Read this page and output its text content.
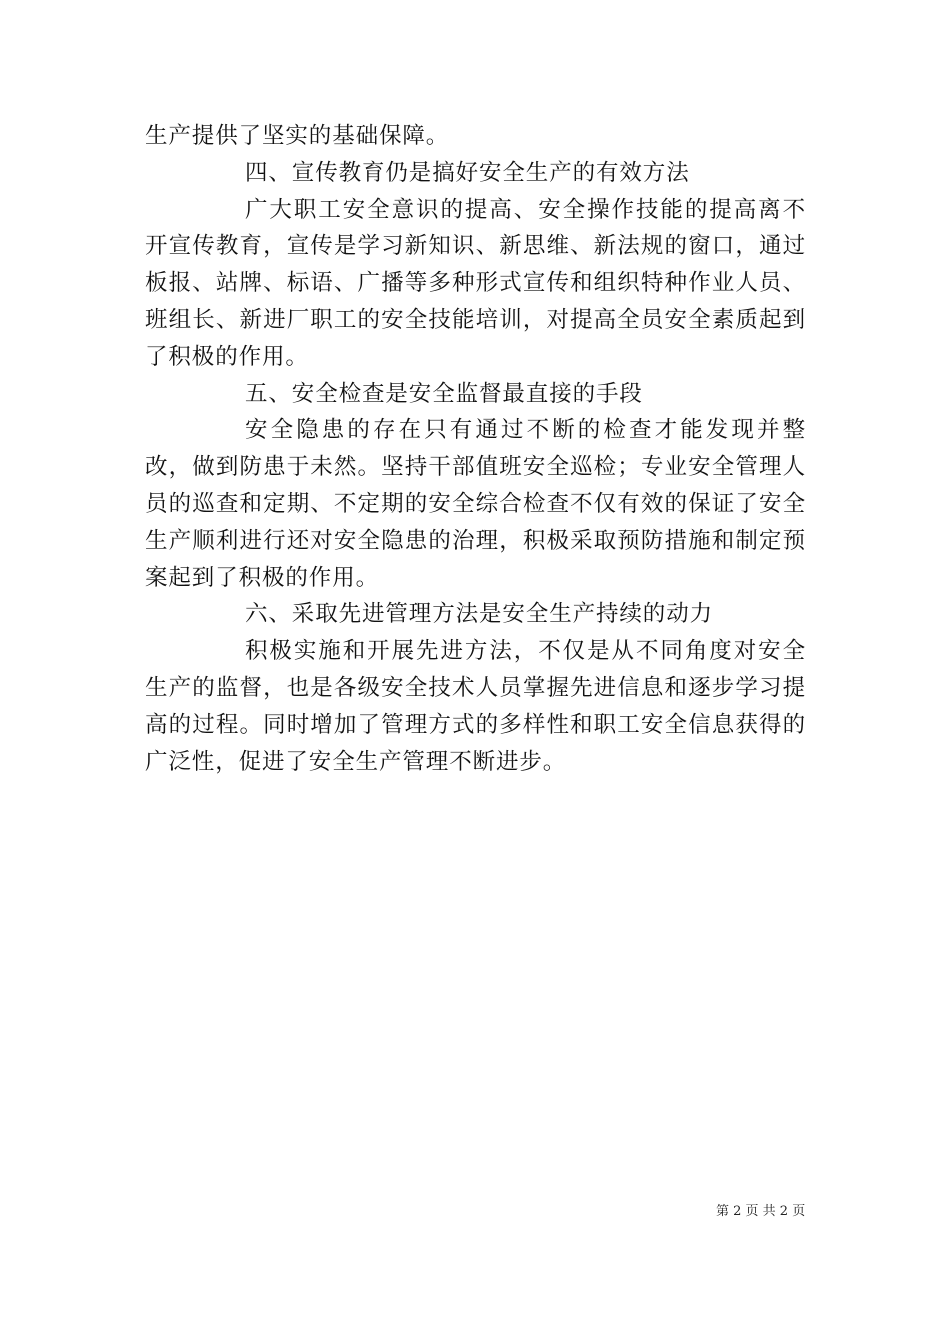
生产提供了坚实的基础保障。

四、宣传教育仍是搞好安全生产的有效方法

广大职工安全意识的提高、安全操作技能的提高离不开宣传教育，宣传是学习新知识、新思维、新法规的窗口，通过板报、站牌、标语、广播等多种形式宣传和组织特种作业人员、班组长、新进厂职工的安全技能培训，对提高全员安全素质起到了积极的作用。

五、安全检查是安全监督最直接的手段

安全隐患的存在只有通过不断的检查才能发现并整改，做到防患于未然。坚持干部值班安全巡检；专业安全管理人员的巡查和定期、不定期的安全综合检查不仅有效的保证了安全生产顺利进行还对安全隐患的治理，积极采取预防措施和制定预案起到了积极的作用。

六、采取先进管理方法是安全生产持续的动力

积极实施和开展先进方法，不仅是从不同角度对安全生产的监督，也是各级安全技术人员掌握先进信息和逐步学习提高的过程。同时增加了管理方式的多样性和职工安全信息获得的广泛性，促进了安全生产管理不断进步。

第 2 页 共 2 页
